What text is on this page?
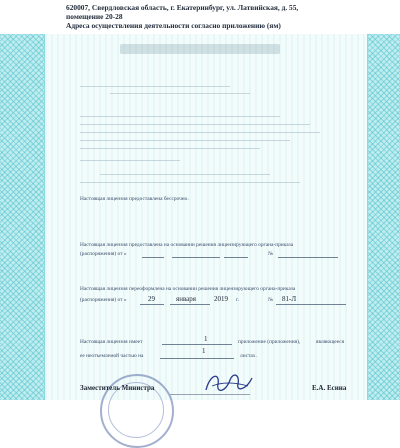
620007, Свердловская область, г. Екатеринбург, ул. Латвийская, д. 55,
помещение 20-28
Адреса осуществления деятельности согласно приложению (ям)
Настоящая лицензия предоставлена бессрочно.
Настоящая лицензия предоставлена на основании решения лицензирующего органа-приказа
(распоряжения) от «	№
Настоящая лицензия переоформлена на основании решения лицензирующего органа-приказа
(распоряжения) от «	29	января	2019 г.	№ 81-Л
Настоящая лицензия имеет	1	приложение (приложения),	являющееся
ее неотъемлемой частью на
1
листах.
Заместитель Министра	Е.А. Есина
